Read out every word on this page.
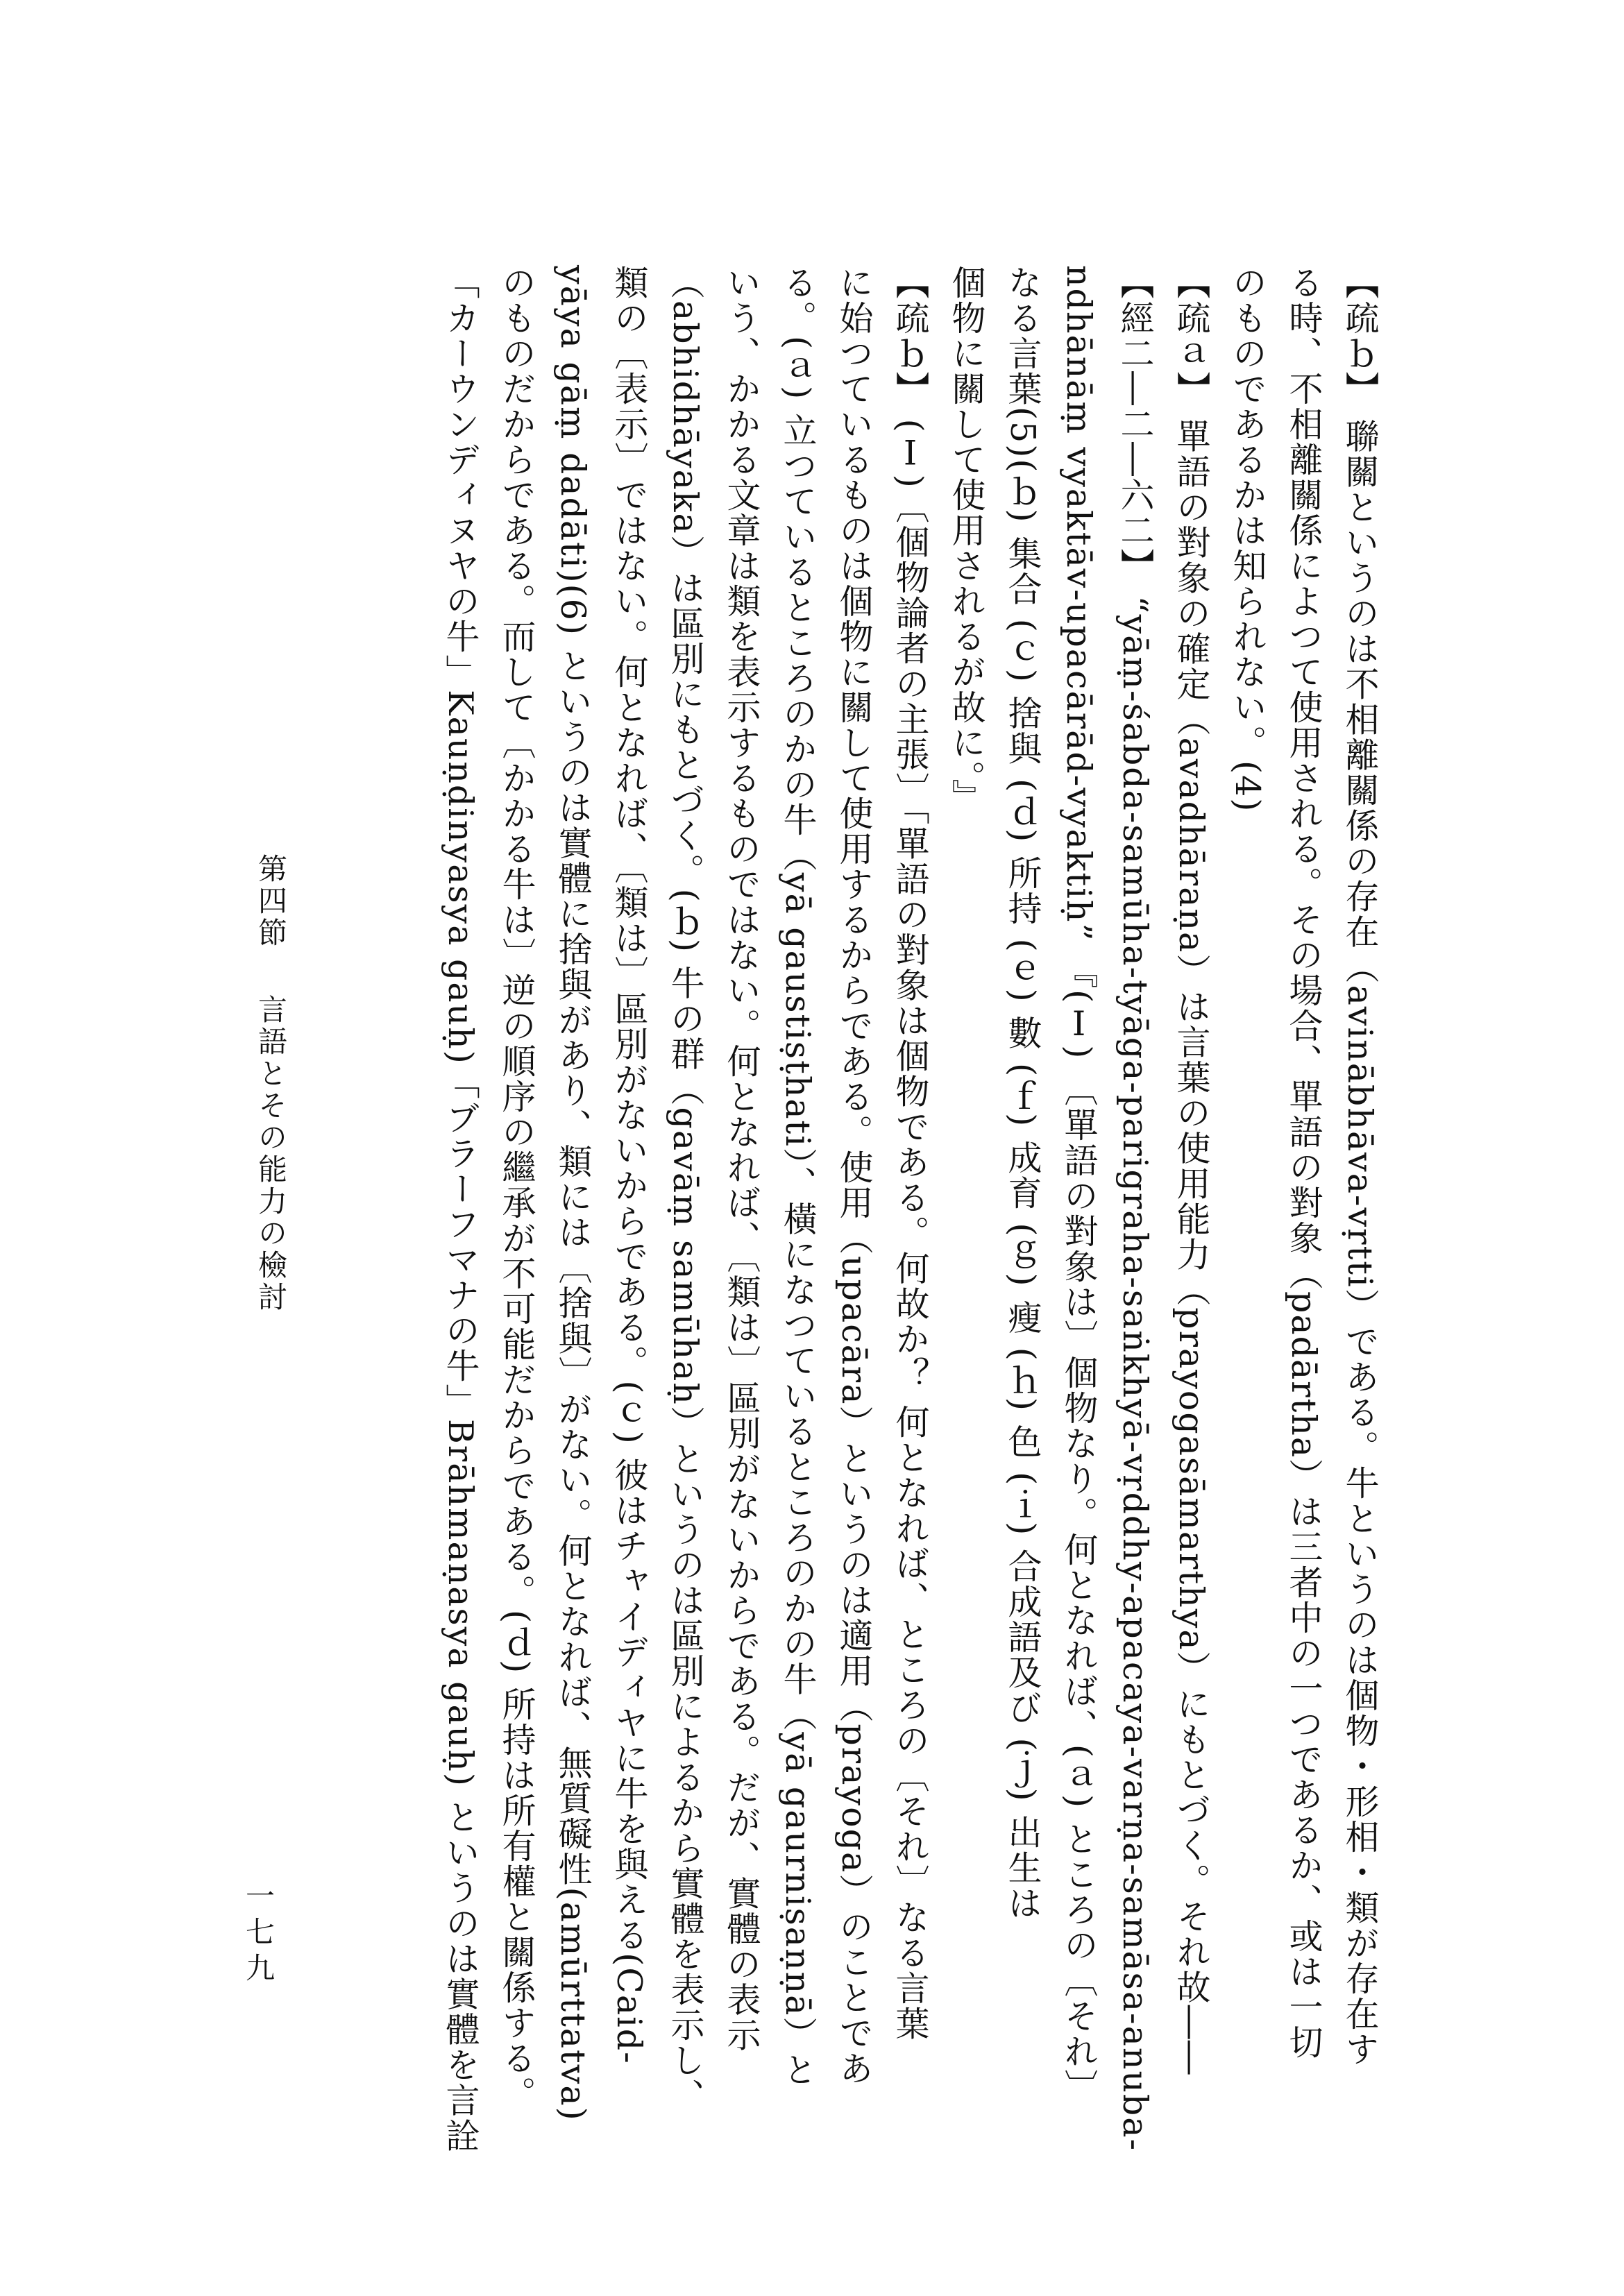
【疏ｂ】 聯關というのは不相離關係の存在（avinābhāva-vṛtti）である。牛というのは個物・形相・類が存在す
る時、不相離關係によつて使用される。その場合、單語の對象（padārtha）は三者中の一つであるか、或は一切
のものであるかは知られない。(4)
【疏ａ】 單語の對象の確定（avadhāraṇa）は言葉の使用能力（prayogasāmarthya）にもとづく。それ故――
【經二―二―六二】 “yāṃ-śabda-samūha-tyāga-parigraha-saṅkhyā-vṛddhy-apacaya-varṇa-samāsa-anuba-
ndhānāṃ vyaktāv-upacārād-vyaktiḥ” 『(Ⅰ) 〔單語の對象は〕個物なり。何となれば、(ａ) ところの〔それ〕
なる言葉(5)(ｂ) 集合 (ｃ) 捨與 (ｄ) 所持 (ｅ) 數 (ｆ) 成育 (ｇ) 瘦 (ｈ) 色 (ｉ) 合成語及び (ｊ) 出生は
個物に關して使用されるが故に。』
【疏ｂ】 (Ⅰ)〔個物論者の主張〕「單語の對象は個物である。何故か？ 何となれば、ところの〔それ〕なる言葉
に始つているものは個物に關して使用するからである。使用（upacāra）というのは適用（prayoga）のことであ
る。(ａ) 立つているところのかの牛（yā gaustiṣṭhati）、橫になつているところのかの牛（yā gaurniṣaṇṇā）と
いう、かかる文章は類を表示するものではない。何となれば、〔類は〕區別がないからである。だが、實體の表示
（abhidhāyaka）は區別にもとづく。(ｂ) 牛の群（gavāṃ samūhaḥ）というのは區別によるから實體を表示し、
類の〔表示〕ではない。何となれば、〔類は〕區別がないからである。(ｃ) 彼はチャイディヤに牛を與える(Caid-
yāya gāṃ dadāti)(6) というのは實體に捨與があり、類には〔捨與〕がない。何となれば、無質礙性(amūrttatva)
のものだからである。而して〔かかる牛は〕逆の順序の繼承が不可能だからである。(ｄ) 所持は所有權と關係する。
「カーウンディヌヤの牛」Kauṇḍinyasya gauḥ)「ブラーフマナの牛」Brāhmaṇasya gauḥ) というのは實體を言詮
第四節 言語とその能力の檢討
一七九
